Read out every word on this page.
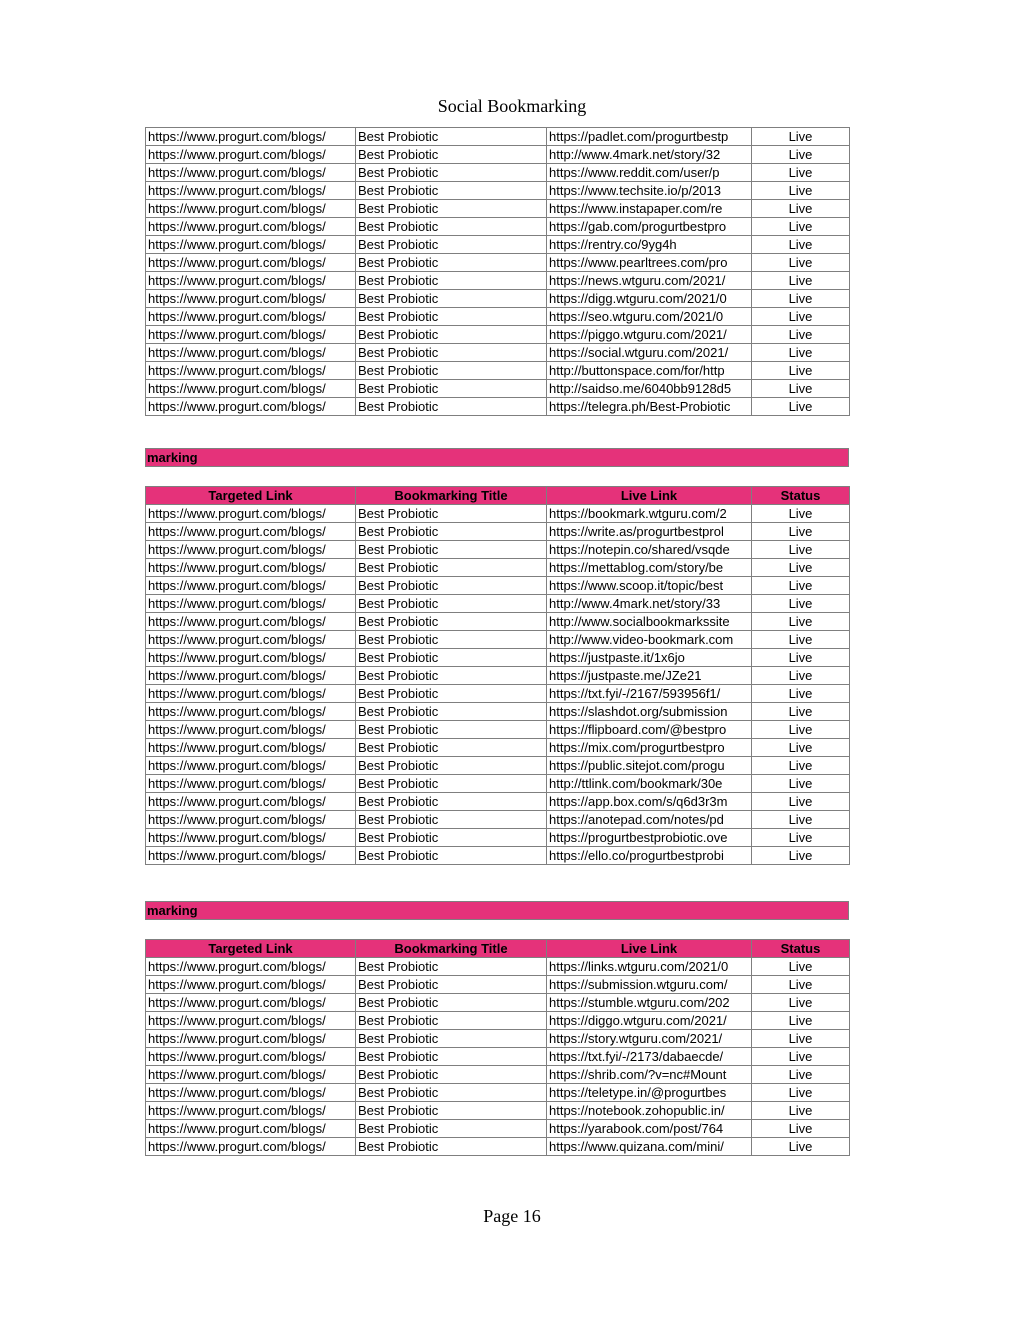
Social Bookmarking
https://www.progurt.com/blogs/	Best Probiotic	https://padlet.com/progurtbestp	Live
https://www.progurt.com/blogs/	Best Probiotic	http://www.4mark.net/story/32	Live
https://www.progurt.com/blogs/	Best Probiotic	https://www.reddit.com/user/p	Live
https://www.progurt.com/blogs/	Best Probiotic	https://www.techsite.io/p/2013	Live
https://www.progurt.com/blogs/	Best Probiotic	https://www.instapaper.com/re	Live
https://www.progurt.com/blogs/	Best Probiotic	https://gab.com/progurtbestpro	Live
https://www.progurt.com/blogs/	Best Probiotic	https://rentry.co/9yg4h	Live
https://www.progurt.com/blogs/	Best Probiotic	https://www.pearltrees.com/pro	Live
https://www.progurt.com/blogs/	Best Probiotic	https://news.wtguru.com/2021/	Live
https://www.progurt.com/blogs/	Best Probiotic	https://digg.wtguru.com/2021/0	Live
https://www.progurt.com/blogs/	Best Probiotic	https://seo.wtguru.com/2021/0	Live
https://www.progurt.com/blogs/	Best Probiotic	https://piggo.wtguru.com/2021/	Live
https://www.progurt.com/blogs/	Best Probiotic	https://social.wtguru.com/2021/	Live
https://www.progurt.com/blogs/	Best Probiotic	http://buttonspace.com/for/http	Live
https://www.progurt.com/blogs/	Best Probiotic	http://saidso.me/6040bb9128d5	Live
https://www.progurt.com/blogs/	Best Probiotic	https://telegra.ph/Best-Probiotic	Live
marking
Targeted Link	Bookmarking Title	Live Link	Status
https://www.progurt.com/blogs/	Best Probiotic	https://bookmark.wtguru.com/2	Live
https://www.progurt.com/blogs/	Best Probiotic	https://write.as/progurtbestprol	Live
https://www.progurt.com/blogs/	Best Probiotic	https://notepin.co/shared/vsqde	Live
https://www.progurt.com/blogs/	Best Probiotic	https://mettablog.com/story/be	Live
https://www.progurt.com/blogs/	Best Probiotic	https://www.scoop.it/topic/best	Live
https://www.progurt.com/blogs/	Best Probiotic	http://www.4mark.net/story/33	Live
https://www.progurt.com/blogs/	Best Probiotic	http://www.socialbookmarkssite	Live
https://www.progurt.com/blogs/	Best Probiotic	http://www.video-bookmark.com	Live
https://www.progurt.com/blogs/	Best Probiotic	https://justpaste.it/1x6jo	Live
https://www.progurt.com/blogs/	Best Probiotic	https://justpaste.me/JZe21	Live
https://www.progurt.com/blogs/	Best Probiotic	https://txt.fyi/-/2167/593956f1/	Live
https://www.progurt.com/blogs/	Best Probiotic	https://slashdot.org/submission	Live
https://www.progurt.com/blogs/	Best Probiotic	https://flipboard.com/@bestpro	Live
https://www.progurt.com/blogs/	Best Probiotic	https://mix.com/progurtbestpro	Live
https://www.progurt.com/blogs/	Best Probiotic	https://public.sitejot.com/progu	Live
https://www.progurt.com/blogs/	Best Probiotic	http://ttlink.com/bookmark/30e	Live
https://www.progurt.com/blogs/	Best Probiotic	https://app.box.com/s/q6d3r3m	Live
https://www.progurt.com/blogs/	Best Probiotic	https://anotepad.com/notes/pd	Live
https://www.progurt.com/blogs/	Best Probiotic	https://progurtbestprobiotic.ove	Live
https://www.progurt.com/blogs/	Best Probiotic	https://ello.co/progurtbestprobi	Live
marking
Targeted Link	Bookmarking Title	Live Link	Status
https://www.progurt.com/blogs/	Best Probiotic	https://links.wtguru.com/2021/0	Live
https://www.progurt.com/blogs/	Best Probiotic	https://submission.wtguru.com/	Live
https://www.progurt.com/blogs/	Best Probiotic	https://stumble.wtguru.com/202	Live
https://www.progurt.com/blogs/	Best Probiotic	https://diggo.wtguru.com/2021/	Live
https://www.progurt.com/blogs/	Best Probiotic	https://story.wtguru.com/2021/	Live
https://www.progurt.com/blogs/	Best Probiotic	https://txt.fyi/-/2173/dabaecde/	Live
https://www.progurt.com/blogs/	Best Probiotic	https://shrib.com/?v=nc#Mount	Live
https://www.progurt.com/blogs/	Best Probiotic	https://teletype.in/@progurtbes	Live
https://www.progurt.com/blogs/	Best Probiotic	https://notebook.zohopublic.in/	Live
https://www.progurt.com/blogs/	Best Probiotic	https://yarabook.com/post/764	Live
https://www.progurt.com/blogs/	Best Probiotic	https://www.quizana.com/mini/	Live
Page 16
